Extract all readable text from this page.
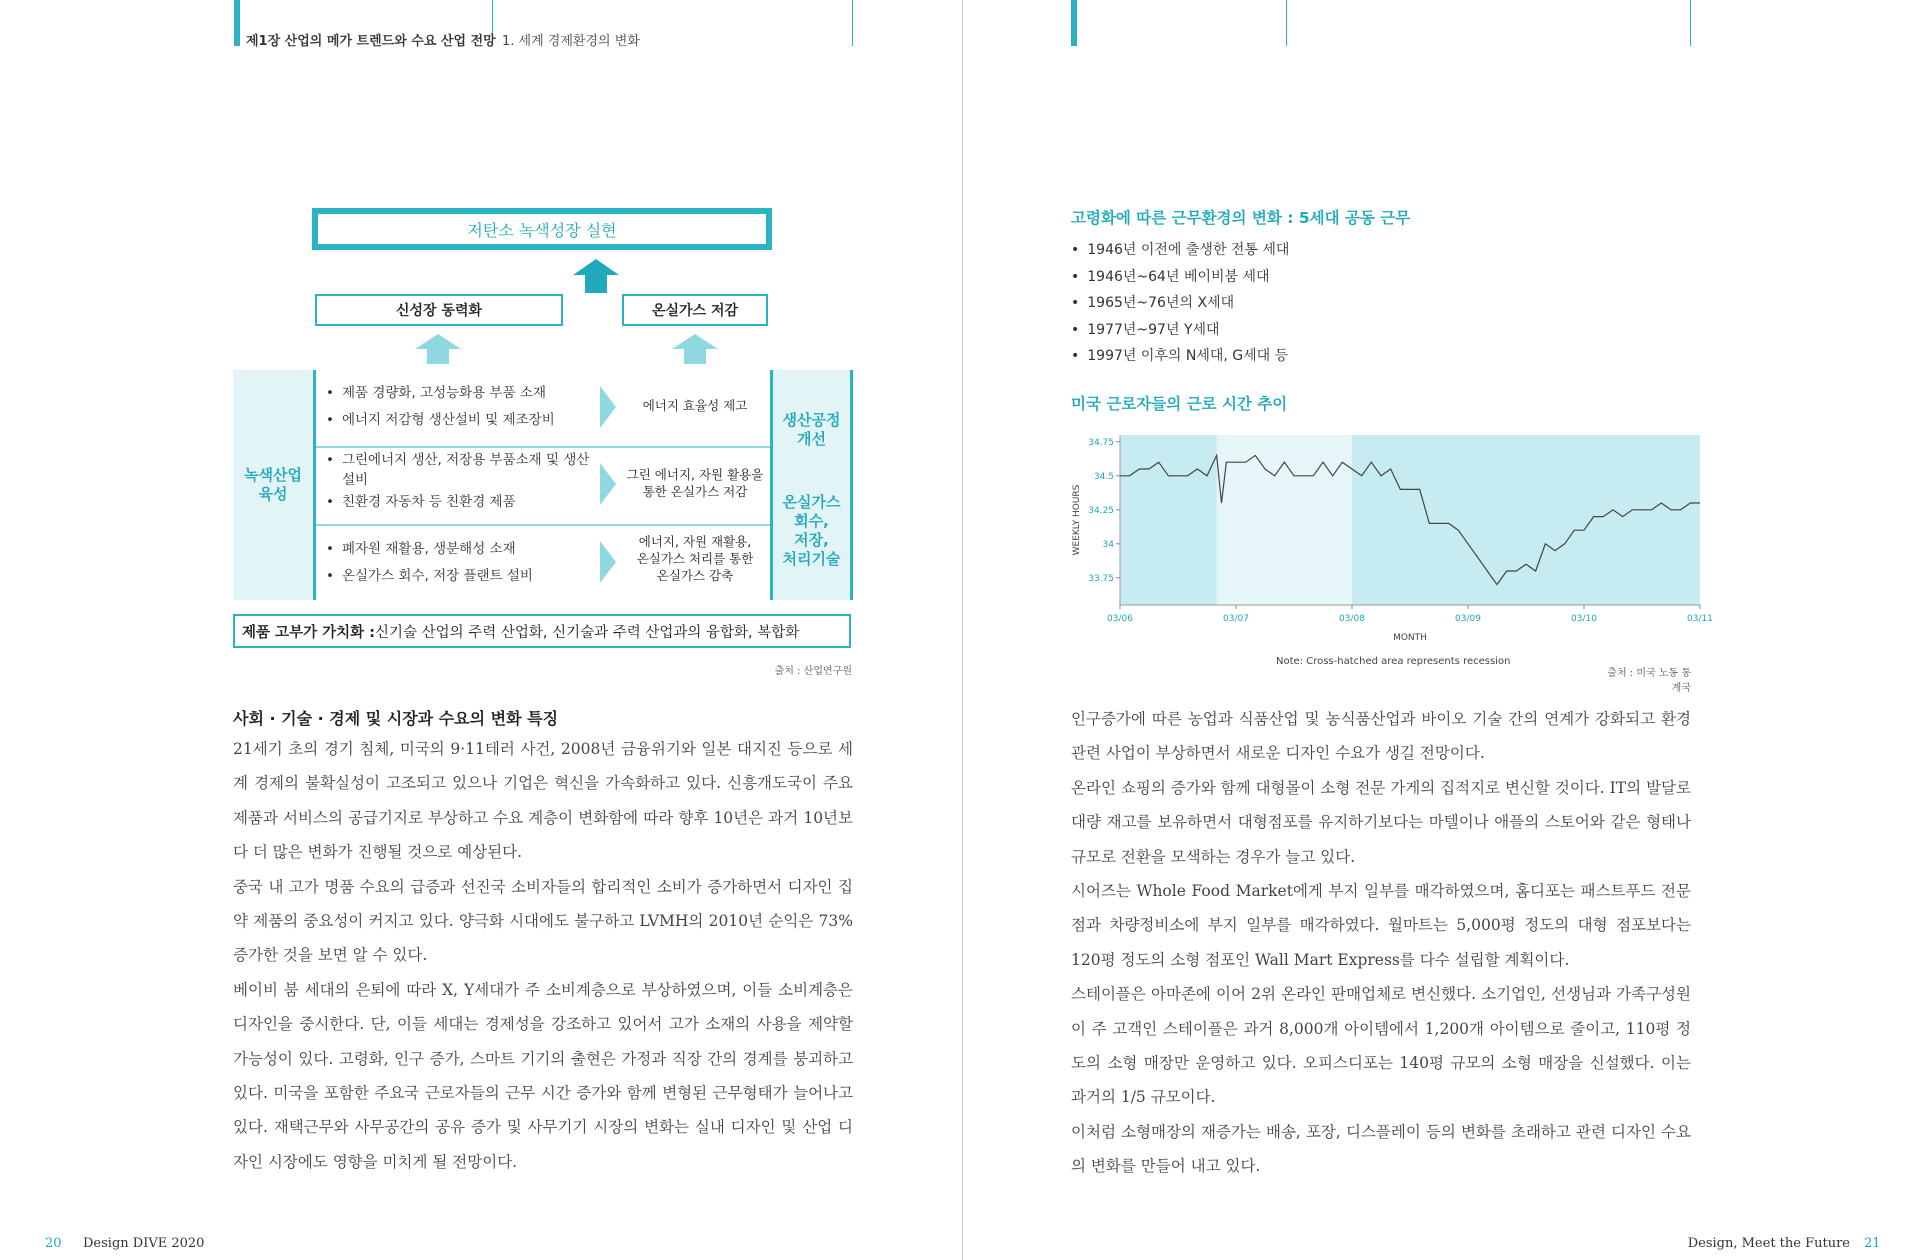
제1장 산업의 메가 트렌드와 수요 산업 전망 1. 세계 경제환경의 변화
저탄소 녹색성장 실현
신성장 동력화	온실가스 저감
녹색산업
육성
생산공정
개선
온실가스
회수,
저장,
처리기술
• 제품 경량화, 고성능화용 부품 소재
• 에너지 저감형 생산설비 및 제조장비
에너지 효율성 제고
• 그린에너지 생산, 저장용 부품소재 및 생산설비
• 친환경 자동차 등 친환경 제품
그린 에너지, 자원 활용을
통한 온실가스 저감
• 폐자원 재활용, 생분해성 소재
• 온실가스 회수, 저장 플랜트 설비
에너지, 자원 재활용,
온실가스 처리를 통한
온실가스 감축
제품 고부가 가치화 : 신기술 산업의 주력 산업화, 신기술과 주력 산업과의 융합화, 복합화
출처 : 산업연구원
사회 · 기술 · 경제 및 시장과 수요의 변화 특징

21세기 초의 경기 침체, 미국의 9·11테러 사건, 2008년 금융위기와 일본 대지진 등으로 세계 경제의 불확실성이 고조되고 있으나 기업은 혁신을 가속화하고 있다. 신흥개도국이 주요 제품과 서비스의 공급기지로 부상하고 수요 계층이 변화함에 따라 향후 10년은 과거 10년보다 더 많은 변화가 진행될 것으로 예상된다.

중국 내 고가 명품 수요의 급증과 선진국 소비자들의 합리적인 소비가 증가하면서 디자인 집약 제품의 중요성이 커지고 있다. 양극화 시대에도 불구하고 LVMH의 2010년 순익은 73% 증가한 것을 보면 알 수 있다.

베이비 붐 세대의 은퇴에 따라 X, Y세대가 주 소비계층으로 부상하였으며, 이들 소비계층은 디자인을 중시한다. 단, 이들 세대는 경제성을 강조하고 있어서 고가 소재의 사용을 제약할 가능성이 있다. 고령화, 인구 증가, 스마트 기기의 출현은 가정과 직장 간의 경계를 붕괴하고 있다. 미국을 포함한 주요국 근로자들의 근무 시간 증가와 함께 변형된 근무형태가 늘어나고 있다. 재택근무와 사무공간의 공유 증가 및 사무기기 시장의 변화는 실내 디자인 및 산업 디자인 시장에도 영향을 미치게 될 전망이다.

고령화에 따른 근무환경의 변화 : 5세대 공동 근무
• 1946년 이전에 출생한 전통 세대
• 1946년~64년 베이비붐 세대
• 1965년~76년의 X세대
• 1977년~97년 Y세대
• 1997년 이후의 N세대, G세대 등
미국 근로자들의 근로 시간 추이
33.75
34
34.25
34.5
34.75
03/06	03/07	03/08	03/09	03/10	03/11
MONTH
WEEKLY HOURS
Note: Cross-hatched area represents recession
출처 : 미국 노동 통계국

인구증가에 따른 농업과 식품산업 및 농식품산업과 바이오 기술 간의 연계가 강화되고 환경관련 사업이 부상하면서 새로운 디자인 수요가 생길 전망이다.

온라인 쇼핑의 증가와 함께 대형몰이 소형 전문 가게의 집적지로 변신할 것이다. IT의 발달로 대량 재고를 보유하면서 대형점포를 유지하기보다는 마텔이나 애플의 스토어와 같은 형태나 규모로 전환을 모색하는 경우가 늘고 있다.

시어즈는 Whole Food Market에게 부지 일부를 매각하였으며, 홈디포는 패스트푸드 전문점과 차량정비소에 부지 일부를 매각하였다. 월마트는 5,000평 정도의 대형 점포보다는 120평 정도의 소형 점포인 Wall Mart Express를 다수 설립할 계획이다.

스테이플은 아마존에 이어 2위 온라인 판매업체로 변신했다. 소기업인, 선생님과 가족구성원이 주 고객인 스테이플은 과거 8,000개 아이템에서 1,200개 아이템으로 줄이고, 110평 정도의 소형 매장만 운영하고 있다. 오피스디포는 140평 규모의 소형 매장을 신설했다. 이는 과거의 1/5 규모이다.

이처럼 소형매장의 재증가는 배송, 포장, 디스플레이 등의 변화를 초래하고 관련 디자인 수요의 변화를 만들어 내고 있다.

20 Design DIVE 2020	Design, Meet the Future 21
